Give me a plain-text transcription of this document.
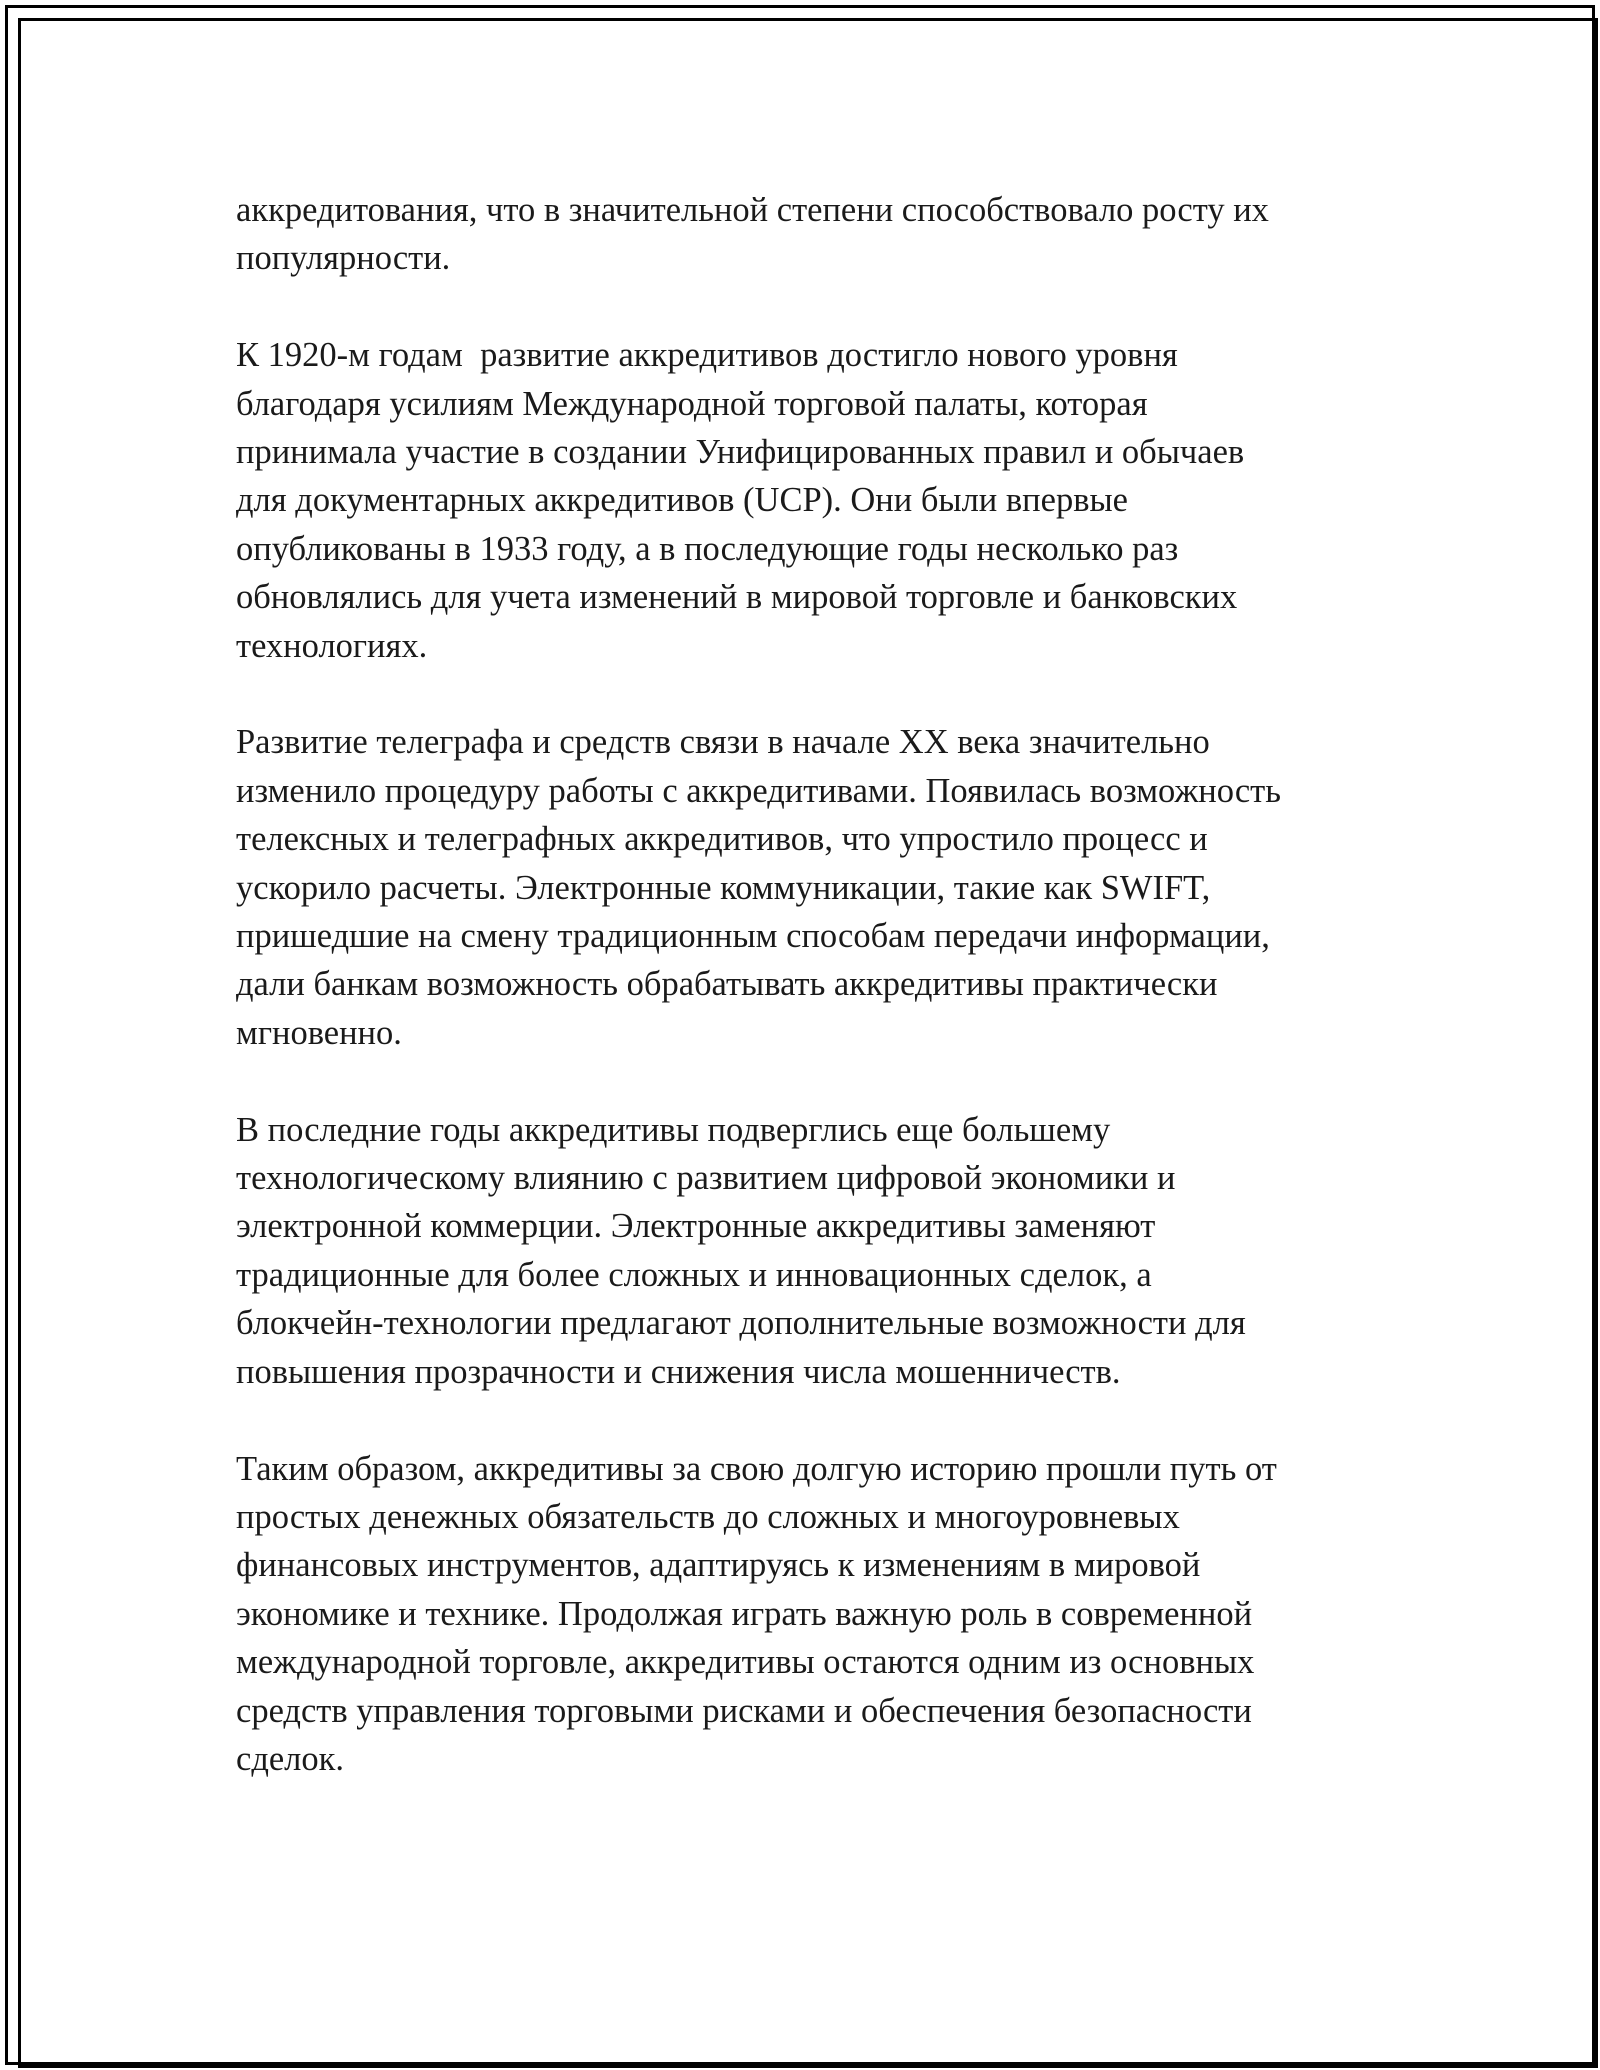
аккредитования, что в значительной степени способствовало росту их
популярности.

К 1920-м годам  развитие аккредитивов достигло нового уровня
благодаря усилиям Международной торговой палаты, которая
принимала участие в создании Унифицированных правил и обычаев
для документарных аккредитивов (UCP). Они были впервые
опубликованы в 1933 году, а в последующие годы несколько раз
обновлялись для учета изменений в мировой торговле и банковских
технологиях.

Развитие телеграфа и средств связи в начале XX века значительно
изменило процедуру работы с аккредитивами. Появилась возможность
телексных и телеграфных аккредитивов, что упростило процесс и
ускорило расчеты. Электронные коммуникации, такие как SWIFT,
пришедшие на смену традиционным способам передачи информации,
дали банкам возможность обрабатывать аккредитивы практически
мгновенно.

В последние годы аккредитивы подверглись еще большему
технологическому влиянию с развитием цифровой экономики и
электронной коммерции. Электронные аккредитивы заменяют
традиционные для более сложных и инновационных сделок, а
блокчейн-технологии предлагают дополнительные возможности для
повышения прозрачности и снижения числа мошенничеств.

Таким образом, аккредитивы за свою долгую историю прошли путь от
простых денежных обязательств до сложных и многоуровневых
финансовых инструментов, адаптируясь к изменениям в мировой
экономике и технике. Продолжая играть важную роль в современной
международной торговле, аккредитивы остаются одним из основных
средств управления торговыми рисками и обеспечения безопасности
сделок.
